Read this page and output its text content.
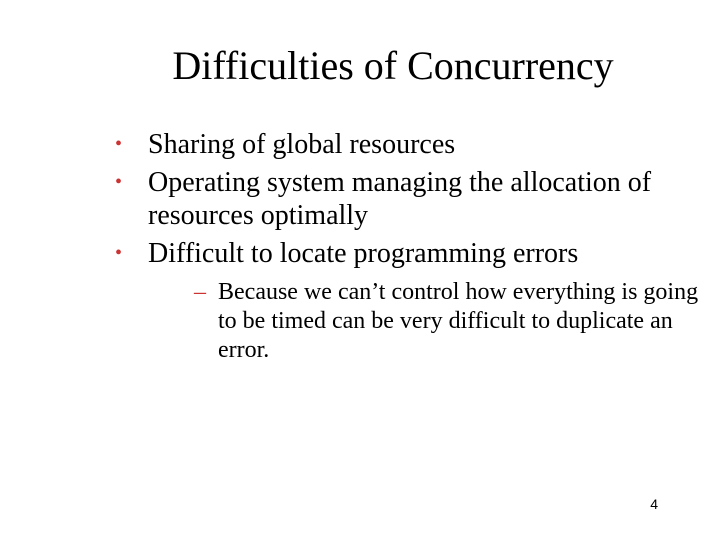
Difficulties of Concurrency
• Sharing of global resources
• Operating system managing the allocation of resources optimally
• Difficult to locate programming errors
– Because we can’t control how everything is going to be timed can be very difficult to duplicate an error.
4
